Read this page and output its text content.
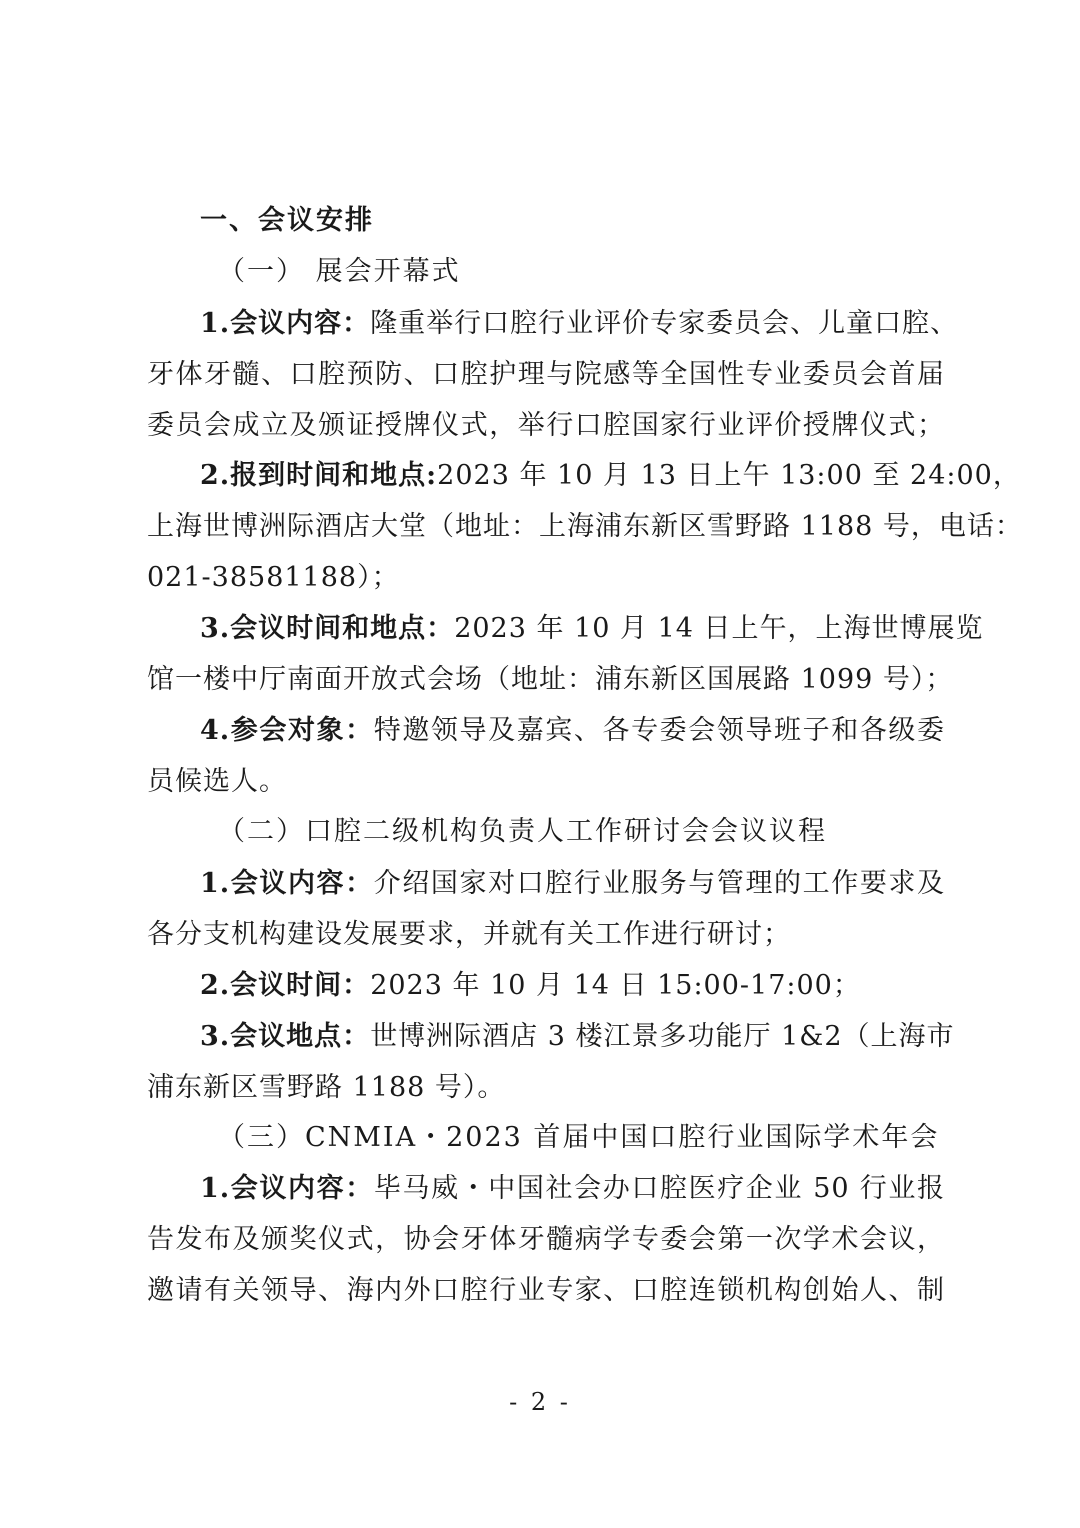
一、会议安排

（一） 展会开幕式

1.会议内容：隆重举行口腔行业评价专家委员会、儿童口腔、

牙体牙髓、口腔预防、口腔护理与院感等全国性专业委员会首届

委员会成立及颁证授牌仪式，举行口腔国家行业评价授牌仪式；

2.报到时间和地点:2023 年 10 月 13 日上午 13:00 至 24:00，

上海世博洲际酒店大堂（地址：上海浦东新区雪野路 1188 号，电话：

021-38581188）；

3.会议时间和地点：2023 年 10 月 14 日上午，上海世博展览

馆一楼中厅南面开放式会场（地址：浦东新区国展路 1099 号）；

4.参会对象：特邀领导及嘉宾、各专委会领导班子和各级委

员候选人。

（二）口腔二级机构负责人工作研讨会会议议程

1.会议内容：介绍国家对口腔行业服务与管理的工作要求及

各分支机构建设发展要求，并就有关工作进行研讨；

2.会议时间：2023 年 10 月 14 日 15:00-17:00；

3.会议地点：世博洲际酒店 3 楼江景多功能厅 1&2（上海市

浦东新区雪野路 1188 号）。

（三）CNMIA・2023 首届中国口腔行业国际学术年会

1.会议内容：毕马威・中国社会办口腔医疗企业 50 行业报

告发布及颁奖仪式，协会牙体牙髓病学专委会第一次学术会议，

邀请有关领导、海内外口腔行业专家、口腔连锁机构创始人、制

- 2 -
